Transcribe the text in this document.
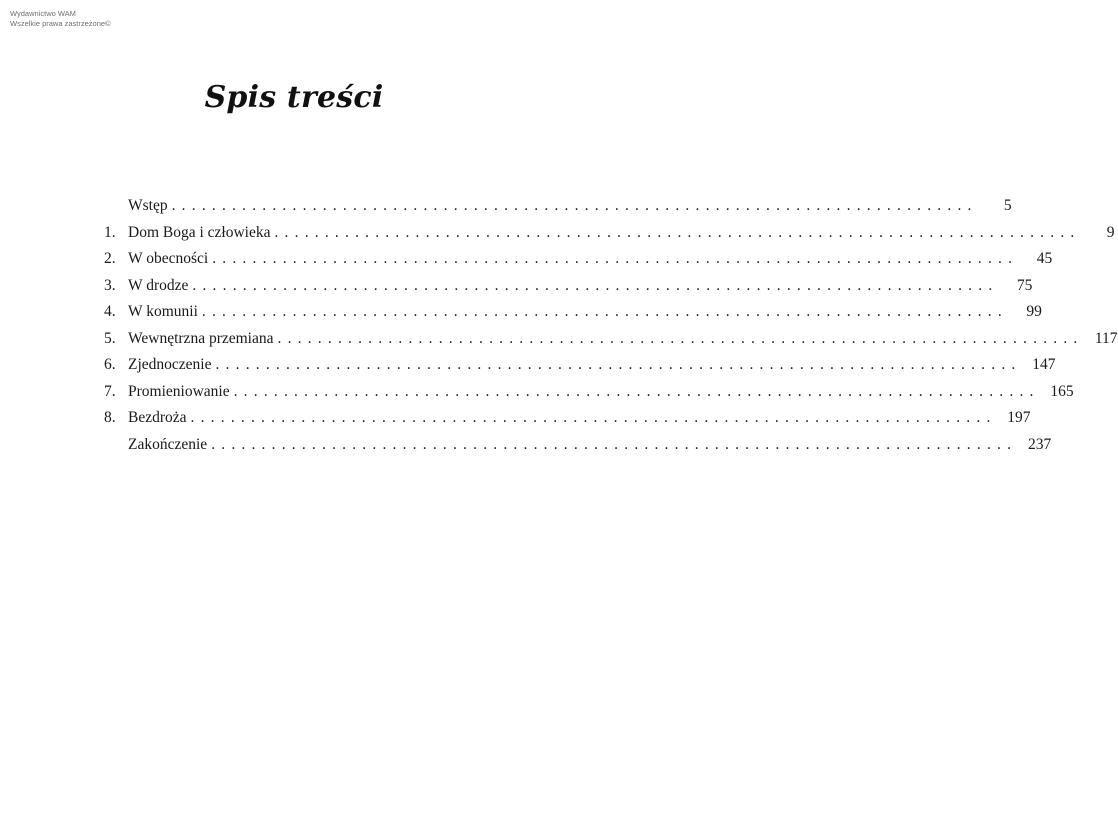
Wydawnictwo WAM
Wszelkie prawa zastrzeżone©
Spis treści
Wstęp ................................................................................	5
1. Dom Boga i człowieka ................................................................................	9
2. W obecności ................................................................................	45
3. W drodze ................................................................................	75
4. W komunii ................................................................................	99
5. Wewnętrzna przemiana ................................................................................ 117
6. Zjednoczenie ................................................................................ 147
7. Promieniowanie ................................................................................ 165
8. Bezdroża ................................................................................ 197
Zakończenie ................................................................................ 237
